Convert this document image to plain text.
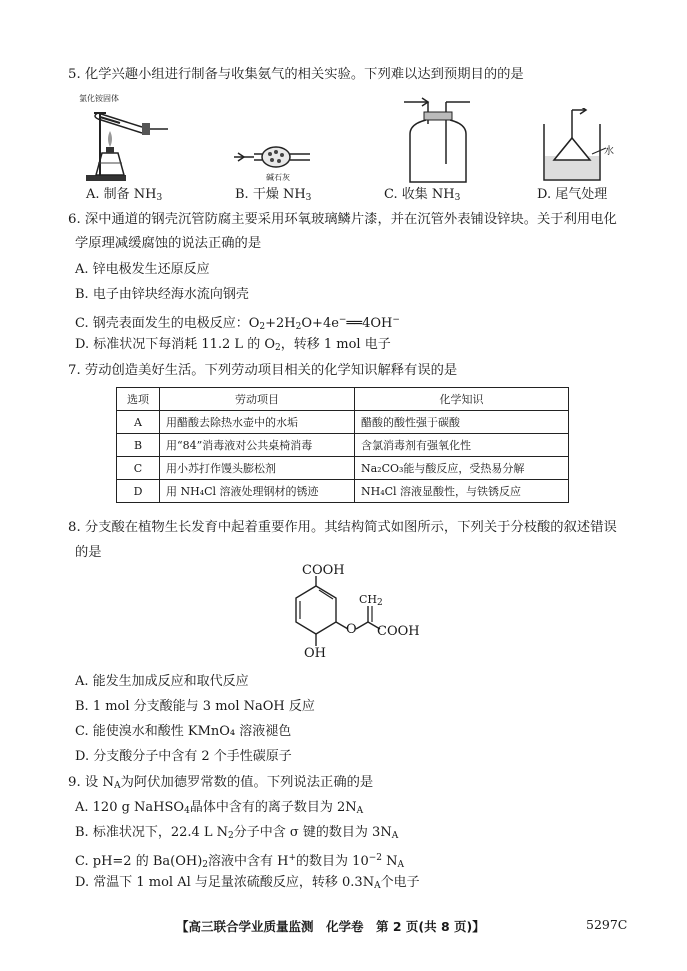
5. 化学兴趣小组进行制备与收集氨气的相关实验。下列难以达到预期目的的是
氯化铵固体
A. 制备 $NH_3$
碱石灰
B. 干燥 $NH_3$	C. 收集 $NH_3$
水
D. 尾气处理
6. 深中通道的钢壳沉管防腐主要采用环氧玻璃鳞片漆，并在沉管外表铺设锌块。关于利用电化
学原理减缓腐蚀的说法正确的是
A. 锌电极发生还原反应
B. 电子由锌块经海水流向钢壳
C. 钢壳表面发生的电极反应：$O_2+2H_2O+4e^-══4OH^-$
D. 标准状况下每消耗 11.2 L 的 $O_2$，转移 1 mol 电子
7. 劳动创造美好生活。下列劳动项目相关的化学知识解释有误的是
选项	劳动项目	化学知识
A	用醋酸去除热水壶中的水垢	醋酸的酸性强于碳酸
B	用“84”消毒液对公共桌椅消毒	含氯消毒剂有强氧化性
C	用小苏打作馒头膨松剂	Na₂CO₃能与酸反应，受热易分解
D	用 NH₄Cl 溶液处理钢材的锈迹	NH₄Cl 溶液显酸性，与铁锈反应
8. 分支酸在植物生长发育中起着重要作用。其结构简式如图所示，下列关于分枝酸的叙述错误
的是
COOH
$CH_2$
O COOH
OH
A. 能发生加成反应和取代反应
B. 1 mol 分支酸能与 3 mol NaOH 反应
C. 能使溴水和酸性 KMnO₄ 溶液褪色
D. 分支酸分子中含有 2 个手性碳原子
9. 设 $N_A$为阿伏加德罗常数的值。下列说法正确的是
A. 120 g NaHSO$_4$晶体中含有的离子数目为 $2N_A$
B. 标准状况下，22.4 L $N_2$分子中含 σ 键的数目为 $3N_A$
C. pH=2 的 $Ba(OH)_2$溶液中含有 H+的数目为 $10^{-2}$ $N_A$
D. 常温下 1 mol Al 与足量浓硫酸反应，转移 $0.3N_A$个电子
【高三联合学业质量监测　化学卷　第 2 页(共 8 页)】	5297C
